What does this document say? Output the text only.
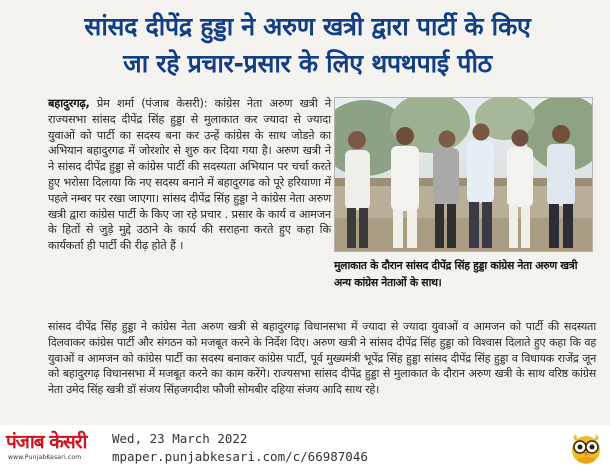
सांसद दीपेंद्र हुड्डा ने अरुण खत्री द्वारा पार्टी के किए
जा रहे प्रचार-प्रसार के लिए थपथपाई पीठ

बहादुरगढ़, प्रेम शर्मा (पंजाब केसरी): कांग्रेस नेता अरुण खत्री ने राज्यसभा सांसद दीपेंद्र सिंह हुड्डा से मुलाकात कर ज्यादा से ज्यादा युवाओं को पार्टी का सदस्य बना कर उन्हें कांग्रेस के साथ जोडऩे का अभियान बहादुरगढ में जोरशोर से शुरु कर दिया गया है। अरुण खत्री ने ने सांसद दीपेंद्र हुड्डा से कांग्रेस पार्टी की सदस्यता अभियान पर चर्चा करते हुए भरोसा दिलाया कि नए सदस्य बनाने में बहादुरगढ को पूरे हरियाणा में पहले नम्बर पर रखा जाएगा। सांसद दीपेंद्र सिंह हुड्डा ने कांग्रेस नेता अरुण खत्री द्वारा कांग्रेस पार्टी के किए जा रहे प्रचार . प्रसार के कार्य व आमजन के हितों से जुड़े मुद्दे उठाने के कार्य की सराहना करते हुए कहा कि कार्यकर्ता ही पार्टी की रीढ़ होते हैं ।

मुलाकात के दौरान सांसद दीपेंद्र सिंह हुड्डा कांग्रेस नेता अरुण खत्री अन्य कांग्रेस नेताओं के साथ।

सांसद दीपेंद्र सिंह हुड्डा ने कांग्रेस नेता अरुण खत्री से बहादुरगढ़ विधानसभा में ज्यादा से ज्यादा युवाओं व आमजन को पार्टी की सदस्यता दिलवाकर कांग्रेस पार्टी और संगठन को मजबूत करने के निर्देश दिए। अरुण खत्री ने सांसद दीपेंद्र सिंह हुड्डा को विश्वास दिलाते हुए कहा कि वह युवाओं व आमजन को कांग्रेस पार्टी का सदस्य बनाकर कांग्रेस पार्टी, पूर्व मुख्यमंत्री भूपेंद्र सिंह हुड्डा सांसद दीपेंद्र सिंह हुड्डा व विधायक राजेंद्र जून को बहादुरगढ़ विधानसभा में मजबूत करने का काम करेंगे। राज्यसभा सांसद दीपेंद्र हुड्डा से मुलाकात के दौरान अरुण खत्री के साथ वरिष्ठ कांग्रेस नेता उमेद सिंह खत्री डॉ संजय सिंहजगदीश फौजी सोमबीर दहिया संजय आदि साथ रहे।

पंजाब केसरी
www.PunjabKesari.com
Wed, 23 March 2022
mpaper.punjabkesari.com/c/66987046
